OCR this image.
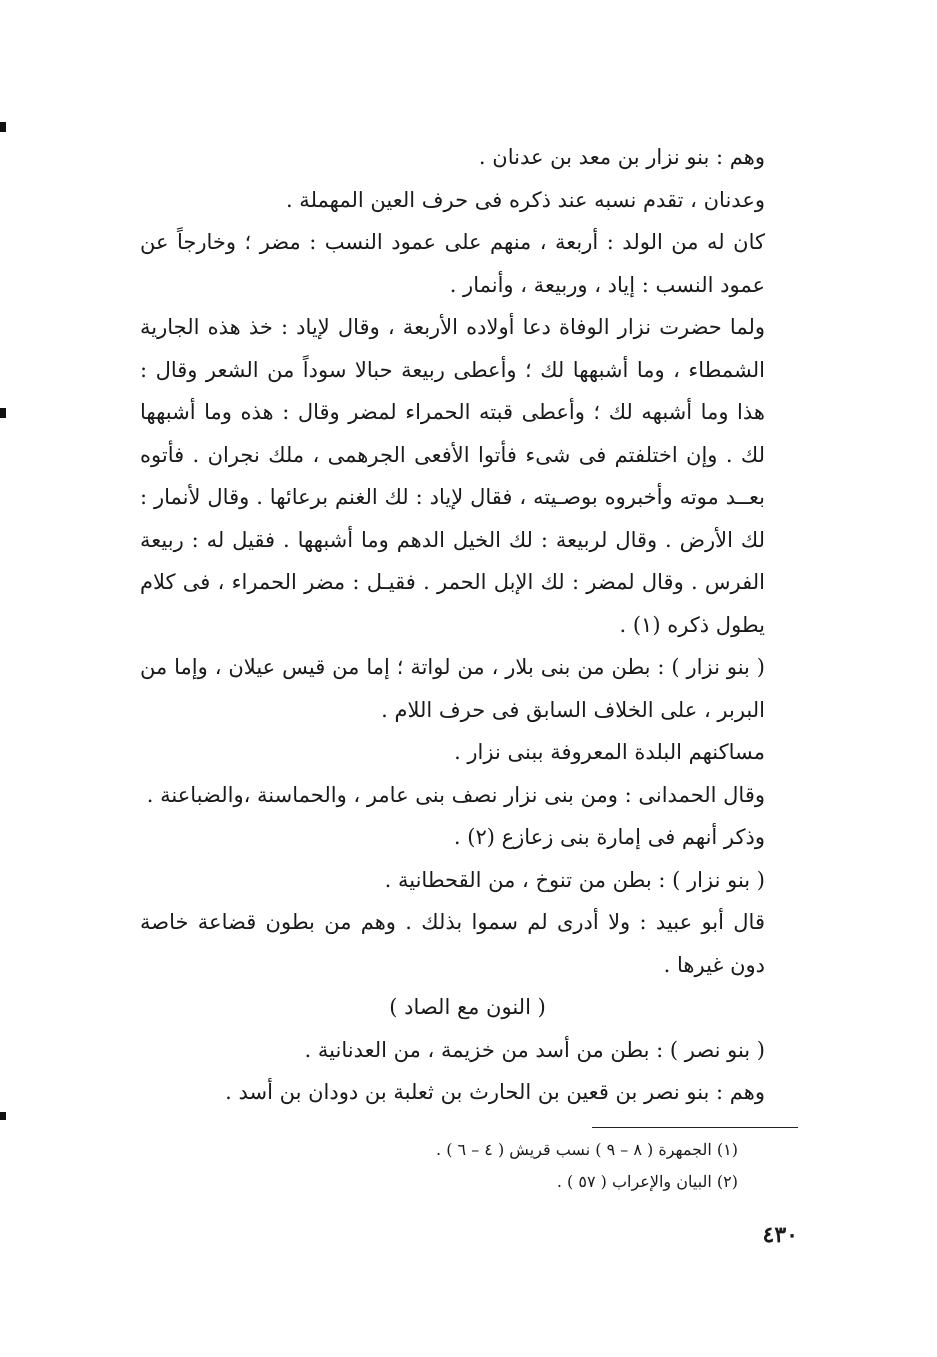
وهم : بنو نزار بن معد بن عدنان .

وعدنان ، تقدم نسبه عند ذكره فى حرف العين المهملة .

كان له من الولد : أربعة ، منهم على عمود النسب : مضر ؛ وخارجاً عن عمود النسب : إياد ، وربيعة ، وأنمار .

ولما حضرت نزار الوفاة دعا أولاده الأربعة ، وقال لإياد : خذ هذه الجارية الشمطاء ، وما أشبهها لك ؛ وأعطى ربيعة حبالا سوداً من الشعر وقال : هذا وما أشبهه لك ؛ وأعطى قبته الحمراء لمضر وقال : هذه وما أشبهها لك . وإن اختلفتم فى شىء فأتوا الأفعى الجرهمى ، ملك نجران . فأتوه بعــد موته وأخبروه بوصـيته ، فقال لإياد : لك الغنم برعائها . وقال لأنمار : لك الأرض . وقال لربيعة : لك الخيل الدهم وما أشبهها . فقيل له : ربيعة الفرس . وقال لمضر : لك الإبل الحمر . فقيـل : مضر الحمراء ، فى كلام يطول ذكره (١) .

( بنو نزار ) : بطن من بنى بلار ، من لواتة ؛ إما من قيس عيلان ، وإما من البربر ، على الخلاف السابق فى حرف اللام .

مساكنهم البلدة المعروفة ببنى نزار .

وقال الحمدانى : ومن بنى نزار نصف بنى عامر ، والحماسنة ،والضباعنة .

وذكر أنهم فى إمارة بنى زعازع (٢) .

( بنو نزار ) : بطن من تنوخ ، من القحطانية .

قال أبو عبيد : ولا أدرى لم سموا بذلك . وهم من بطون قضاعة خاصة دون غيرها .

( النون مع الصاد )

( بنو نصر ) : بطن من أسد من خزيمة ، من العدنانية .

وهم : بنو نصر بن قعين بن الحارث بن ثعلبة بن دودان بن أسد .

(١) الجمهرة ( ٨ – ٩ ) نسب قريش ( ٤ – ٦ ) .

(٢) البيان والإعراب ( ٥٧ ) .

٤٣٠
